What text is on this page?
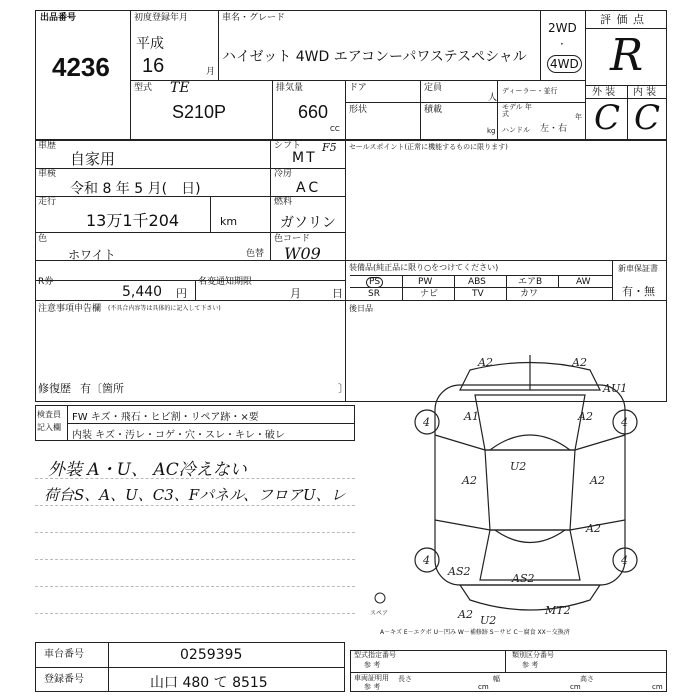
出品番号
4236
初度登録年月
平成
16	月
車名・グレード
ハイゼット 4WD エアコンーパワステスペシャル
2WD
·
4WD
評 価 点
R
型式 TE
S210P
排気量
660
CC
ドア	定員
人
形状	積載
kg
ディーラー・並行
モデル 年式	年
ハンドル 左・右
外 装 内 装
C C
車歴
自家用
シフト
MT
F5
車検
令和 8 年 5 月(　日)
冷房
AC
走行
13万1千204	km
燃料
ガソリン
色
ホワイト	色替
色コード
W09
R券
5,440 円
名変通知期限
月	日
注意事項申告欄 (不具合内容等は具体的に記入して下さい)
修復歴 有〔箇所	〕
セールスポイント(正常に機能するものに限ります)
装備品(純正品に限り○をつけてください)
PS	PW	ABS	エアB	AW
SR	ナビ	TV	カワ
新車保証書
有・無
後日品
検査員
記入欄
FW キズ・飛石・ヒビ割・リペア跡・×要
内装 キズ・汚レ・コゲ・穴・スレ・キレ・破レ
外装 A・U、 AC冷えない
荷台S、A、U、C3、Fパネル、フロアU、レ
A2	A2
AU1
4	4
A1	A2
U2
A2	A2
A2
4	4
AS2
AS2
A2	MT2
U2
スペア
A－キズ E－エクボ U－凹み W－補修跡 S－サビ C－腐食 XX－交換済
車台番号	0259395
登録番号	山口 480 て 8515
型式指定番号
参 考
類別区分番号
参 考
車両証明用
参 考
長さ
cm
幅
cm
高さ
cm
